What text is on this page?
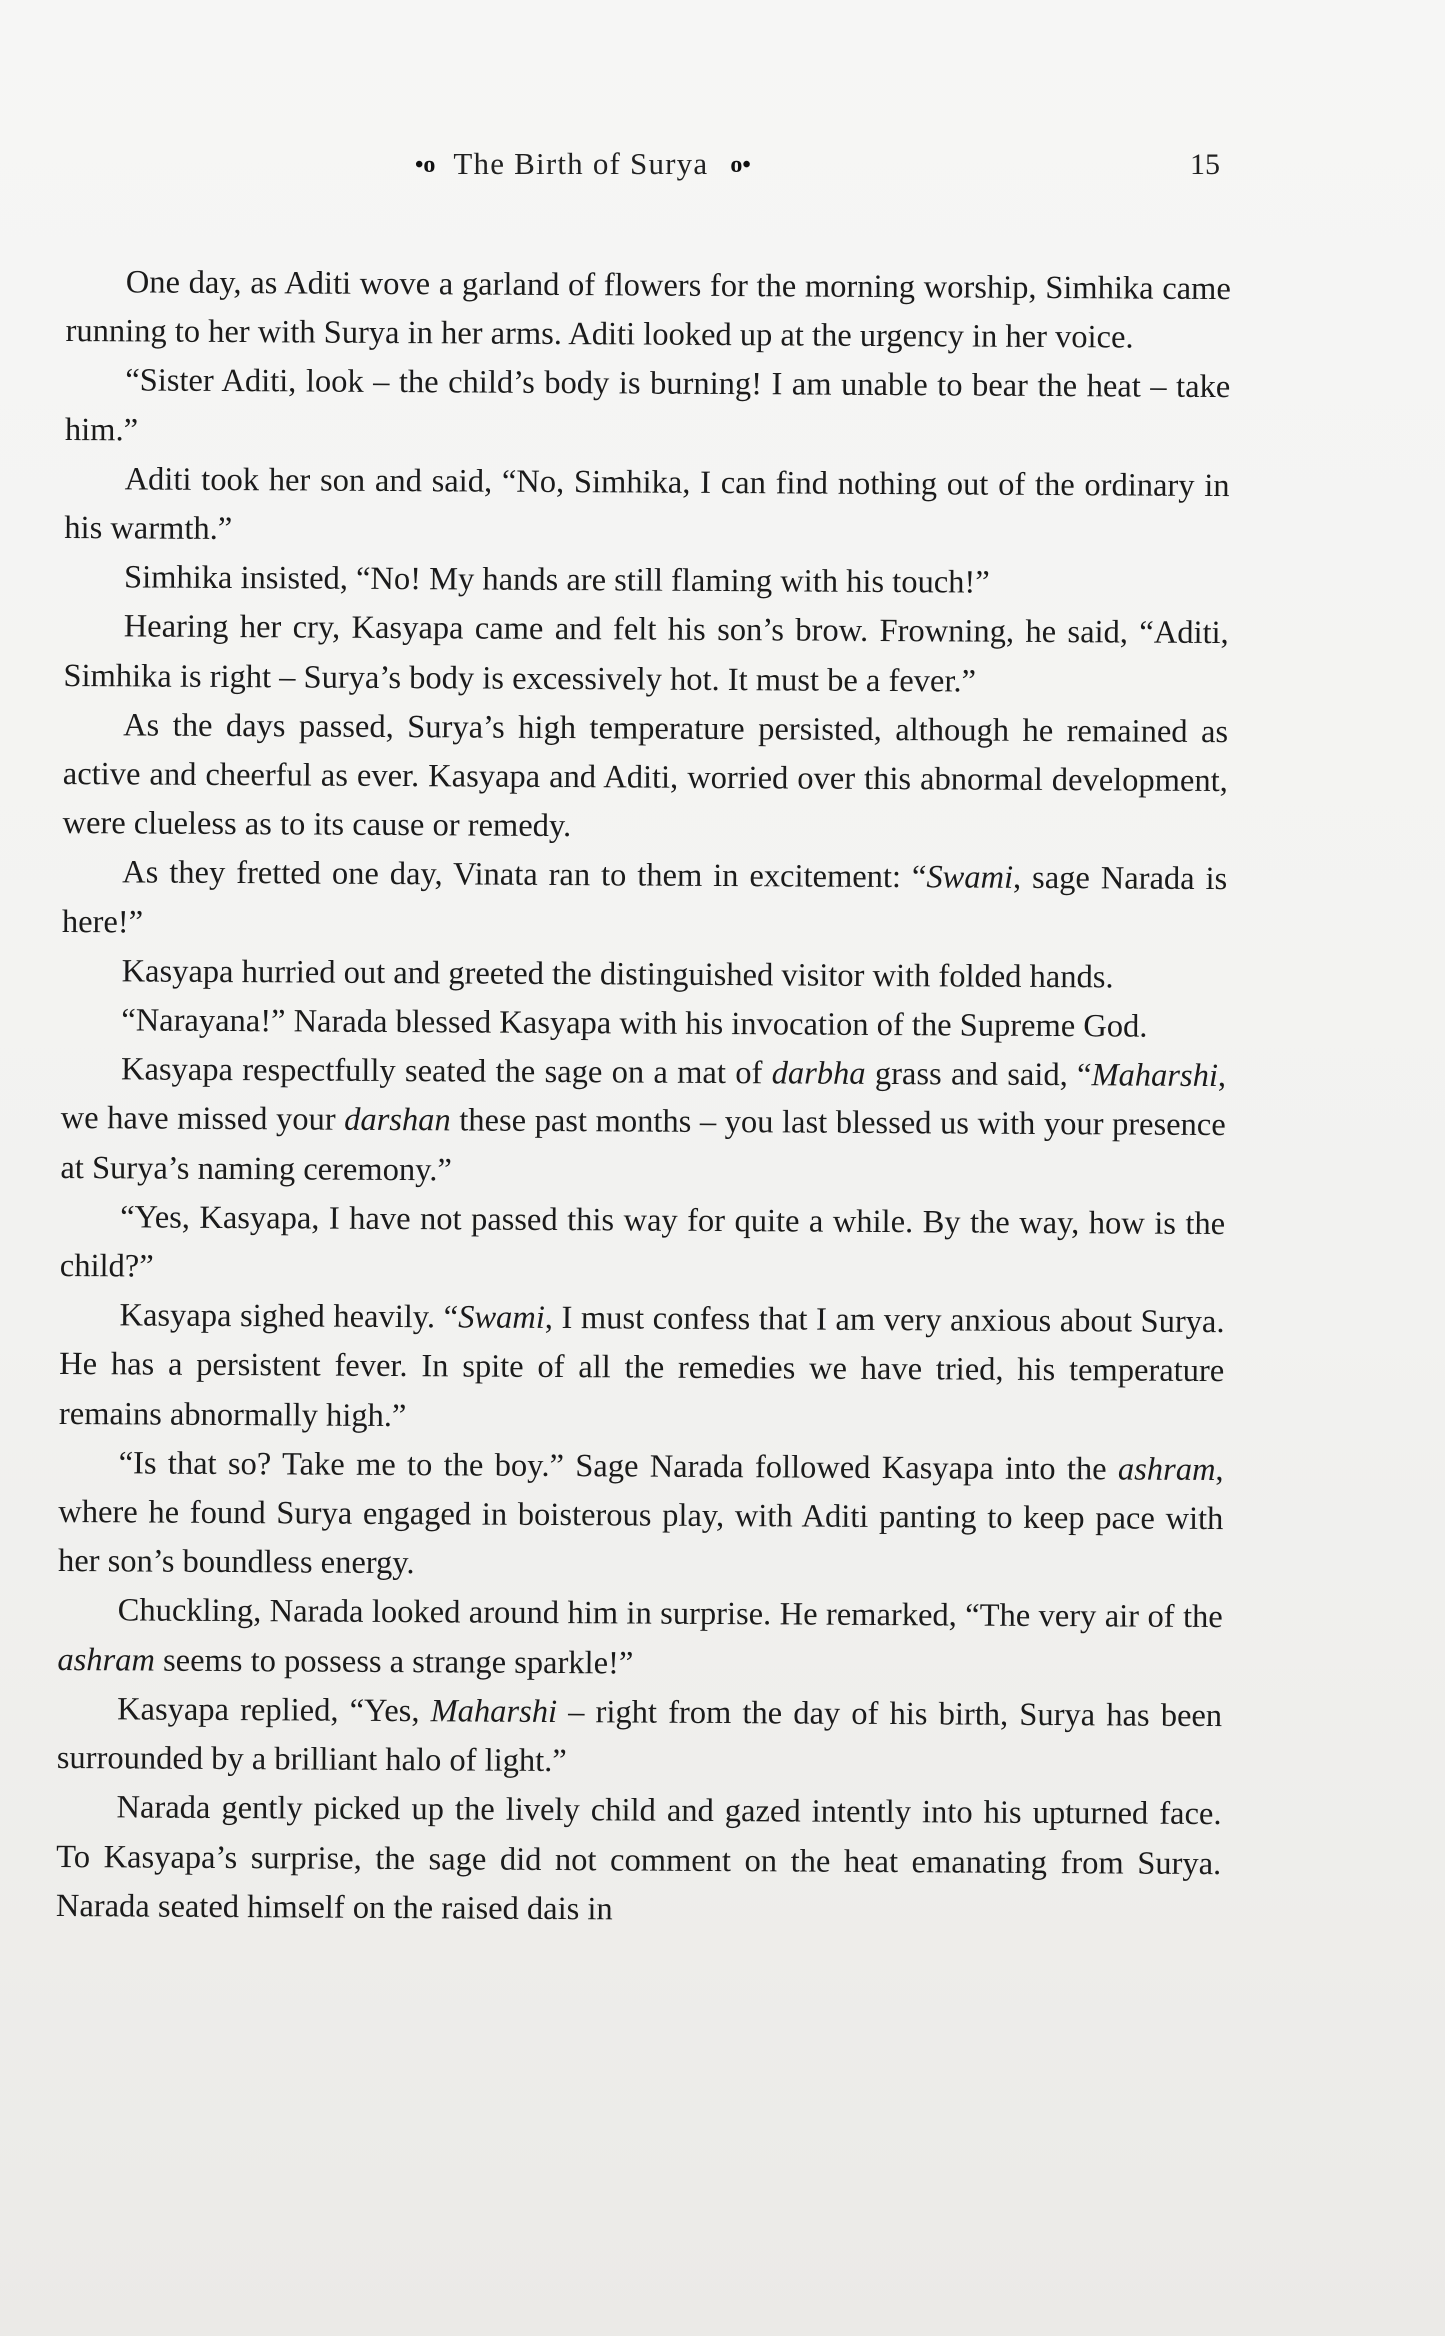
•o The Birth of Surya o•	15

One day, as Aditi wove a garland of flowers for the morning worship, Simhika came running to her with Surya in her arms. Aditi looked up at the urgency in her voice.

“Sister Aditi, look – the child’s body is burning! I am unable to bear the heat – take him.”

Aditi took her son and said, “No, Simhika, I can find nothing out of the ordinary in his warmth.”

Simhika insisted, “No! My hands are still flaming with his touch!”

Hearing her cry, Kasyapa came and felt his son’s brow. Frowning, he said, “Aditi, Simhika is right – Surya’s body is excessively hot. It must be a fever.”

As the days passed, Surya’s high temperature persisted, although he remained as active and cheerful as ever. Kasyapa and Aditi, worried over this abnormal development, were clueless as to its cause or remedy.

As they fretted one day, Vinata ran to them in excitement: “Swami, sage Narada is here!”

Kasyapa hurried out and greeted the distinguished visitor with folded hands.

“Narayana!” Narada blessed Kasyapa with his invocation of the Supreme God.

Kasyapa respectfully seated the sage on a mat of darbha grass and said, “Maharshi, we have missed your darshan these past months – you last blessed us with your presence at Surya’s naming ceremony.”

“Yes, Kasyapa, I have not passed this way for quite a while. By the way, how is the child?”

Kasyapa sighed heavily. “Swami, I must confess that I am very anxious about Surya. He has a persistent fever. In spite of all the remedies we have tried, his temperature remains abnormally high.”

“Is that so? Take me to the boy.” Sage Narada followed Kasyapa into the ashram, where he found Surya engaged in boisterous play, with Aditi panting to keep pace with her son’s boundless energy.

Chuckling, Narada looked around him in surprise. He remarked, “The very air of the ashram seems to possess a strange sparkle!”

Kasyapa replied, “Yes, Maharshi – right from the day of his birth, Surya has been surrounded by a brilliant halo of light.”

Narada gently picked up the lively child and gazed intently into his upturned face. To Kasyapa’s surprise, the sage did not comment on the heat emanating from Surya. Narada seated himself on the raised dais in
